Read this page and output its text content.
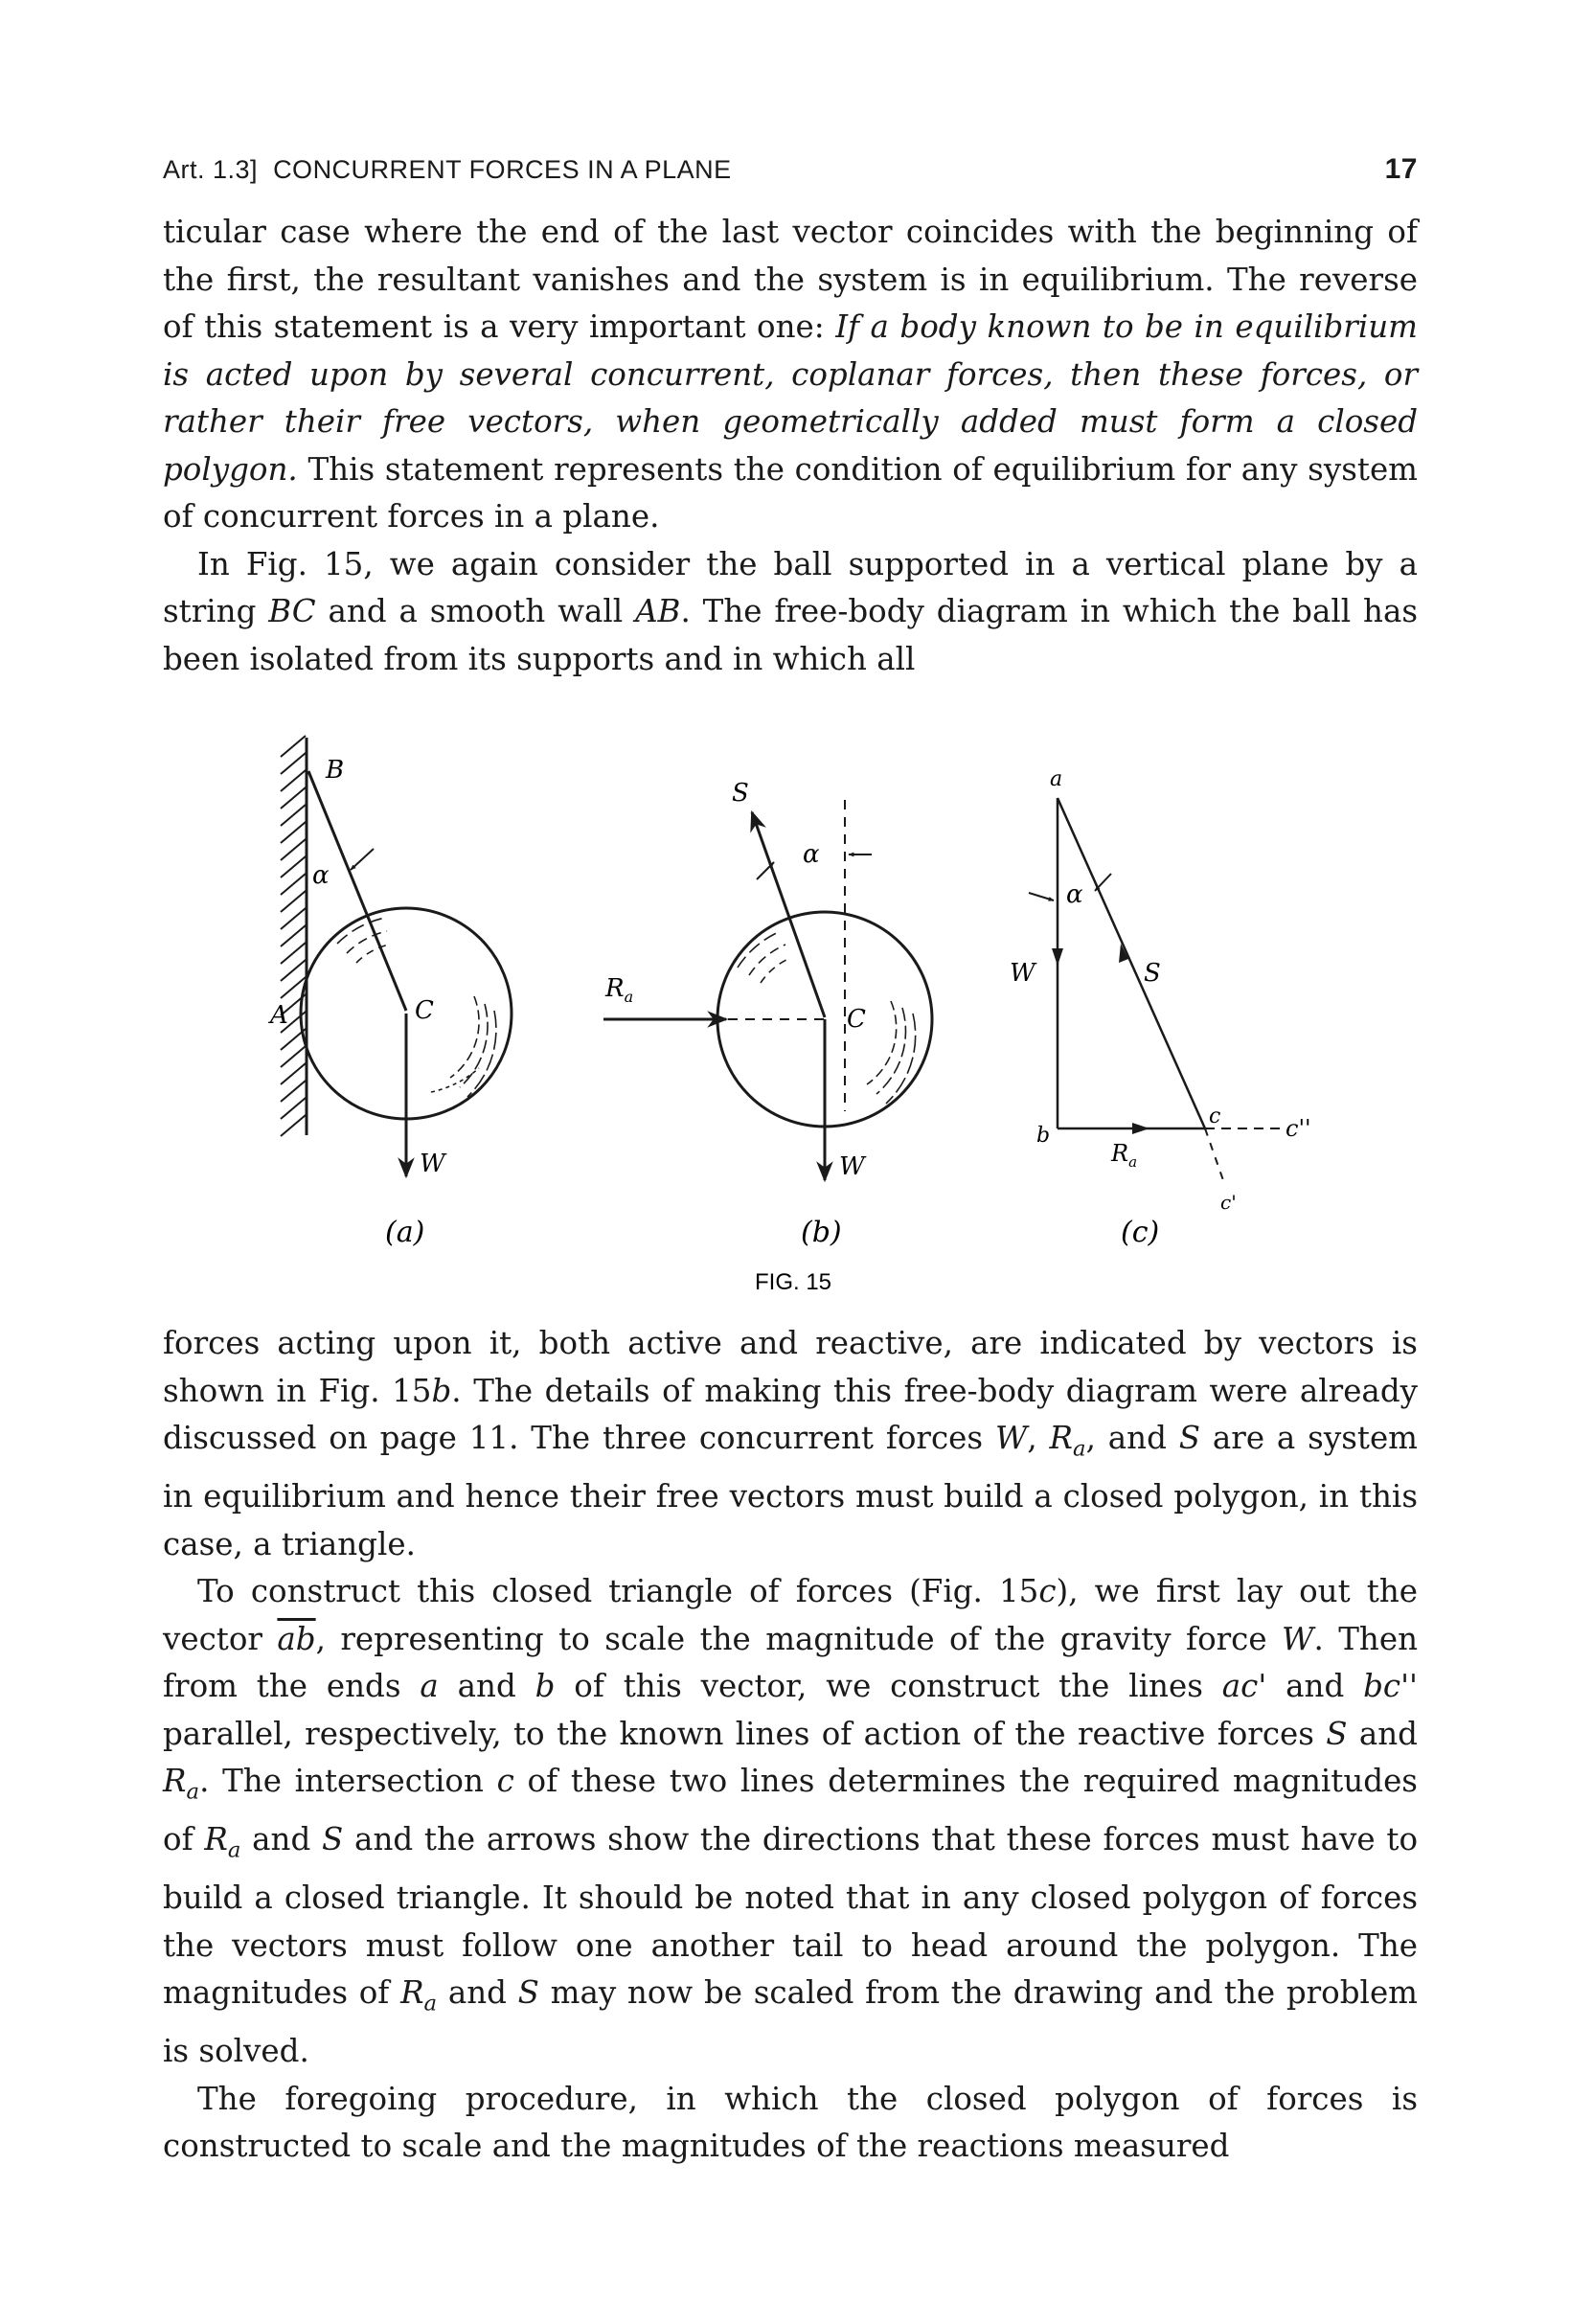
Art. 1.3] CONCURRENT FORCES IN A PLANE	17

ticular case where the end of the last vector coincides with the beginning of the first, the resultant vanishes and the system is in equilibrium. The reverse of this statement is a very important one: If a body known to be in equilibrium is acted upon by several concurrent, coplanar forces, then these forces, or rather their free vectors, when geometrically added must form a closed polygon. This statement represents the condition of equilibrium for any system of concurrent forces in a plane.

In Fig. 15, we again consider the ball supported in a vertical plane by a string BC and a smooth wall AB. The free-body diagram in which the ball has been isolated from its supports and in which all

B
α
A	C
W
(a)
S
α
$R_a$
C
W
(b)
a
α
W	S
b
$R_a$
c	c''
c'
(c)
FIG. 15

forces acting upon it, both active and reactive, are indicated by vectors is shown in Fig. 15b. The details of making this free-body diagram were already discussed on page 11. The three concurrent forces W, $R_a$, and S are a system in equilibrium and hence their free vectors must build a closed polygon, in this case, a triangle.

To construct this closed triangle of forces (Fig. 15c), we first lay out the vector $\overline{ab}$, representing to scale the magnitude of the gravity force W. Then from the ends a and b of this vector, we construct the lines ac' and bc'' parallel, respectively, to the known lines of action of the reactive forces S and $R_a$. The intersection c of these two lines determines the required magnitudes of $R_a$ and S and the arrows show the directions that these forces must have to build a closed triangle. It should be noted that in any closed polygon of forces the vectors must follow one another tail to head around the polygon. The magnitudes of $R_a$ and S may now be scaled from the drawing and the problem is solved.

The foregoing procedure, in which the closed polygon of forces is constructed to scale and the magnitudes of the reactions measured
